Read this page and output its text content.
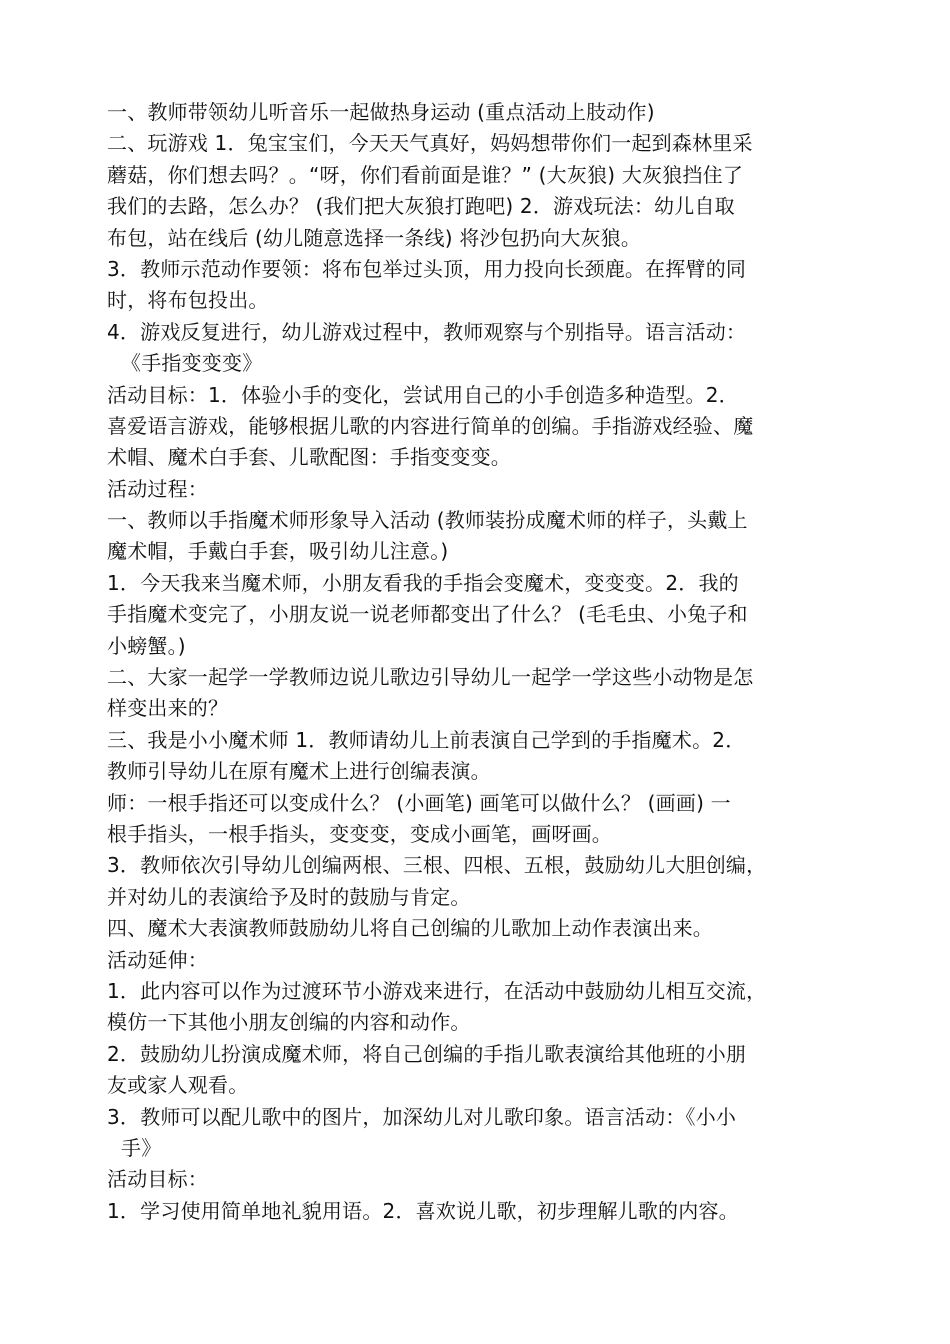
一、教师带领幼儿听音乐一起做热身运动 (重点活动上肢动作)
二、玩游戏 1．兔宝宝们，今天天气真好，妈妈想带你们一起到森林里采
蘑菇，你们想去吗？。“呀，你们看前面是谁？” (大灰狼) 大灰狼挡住了
我们的去路，怎么办？ (我们把大灰狼打跑吧) 2．游戏玩法：幼儿自取
布包，站在线后 (幼儿随意选择一条线) 将沙包扔向大灰狼。
3．教师示范动作要领：将布包举过头顶，用力投向长颈鹿。在挥臂的同
时，将布包投出。
4．游戏反复进行，幼儿游戏过程中，教师观察与个别指导。语言活动：
《手指变变变》
活动目标：1．体验小手的变化，尝试用自己的小手创造多种造型。2．
喜爱语言游戏，能够根据儿歌的内容进行简单的创编。手指游戏经验、魔
术帽、魔术白手套、儿歌配图：手指变变变。
活动过程：
一、教师以手指魔术师形象导入活动 (教师装扮成魔术师的样子，头戴上
魔术帽，手戴白手套，吸引幼儿注意。)
1．今天我来当魔术师，小朋友看我的手指会变魔术，变变变。2．我的
手指魔术变完了，小朋友说一说老师都变出了什么？ (毛毛虫、小兔子和
小螃蟹。)
二、大家一起学一学教师边说儿歌边引导幼儿一起学一学这些小动物是怎
样变出来的？
三、我是小小魔术师 1．教师请幼儿上前表演自己学到的手指魔术。2．
教师引导幼儿在原有魔术上进行创编表演。
师：一根手指还可以变成什么？ (小画笔) 画笔可以做什么？ (画画) 一
根手指头，一根手指头，变变变，变成小画笔，画呀画。
3．教师依次引导幼儿创编两根、三根、四根、五根，鼓励幼儿大胆创编，
并对幼儿的表演给予及时的鼓励与肯定。
四、魔术大表演教师鼓励幼儿将自己创编的儿歌加上动作表演出来。
活动延伸：
1．此内容可以作为过渡环节小游戏来进行，在活动中鼓励幼儿相互交流，
模仿一下其他小朋友创编的内容和动作。
2．鼓励幼儿扮演成魔术师，将自己创编的手指儿歌表演给其他班的小朋
友或家人观看。
3．教师可以配儿歌中的图片，加深幼儿对儿歌印象。语言活动：《小小
手》
活动目标：
1．学习使用简单地礼貌用语。2．喜欢说儿歌，初步理解儿歌的内容。
